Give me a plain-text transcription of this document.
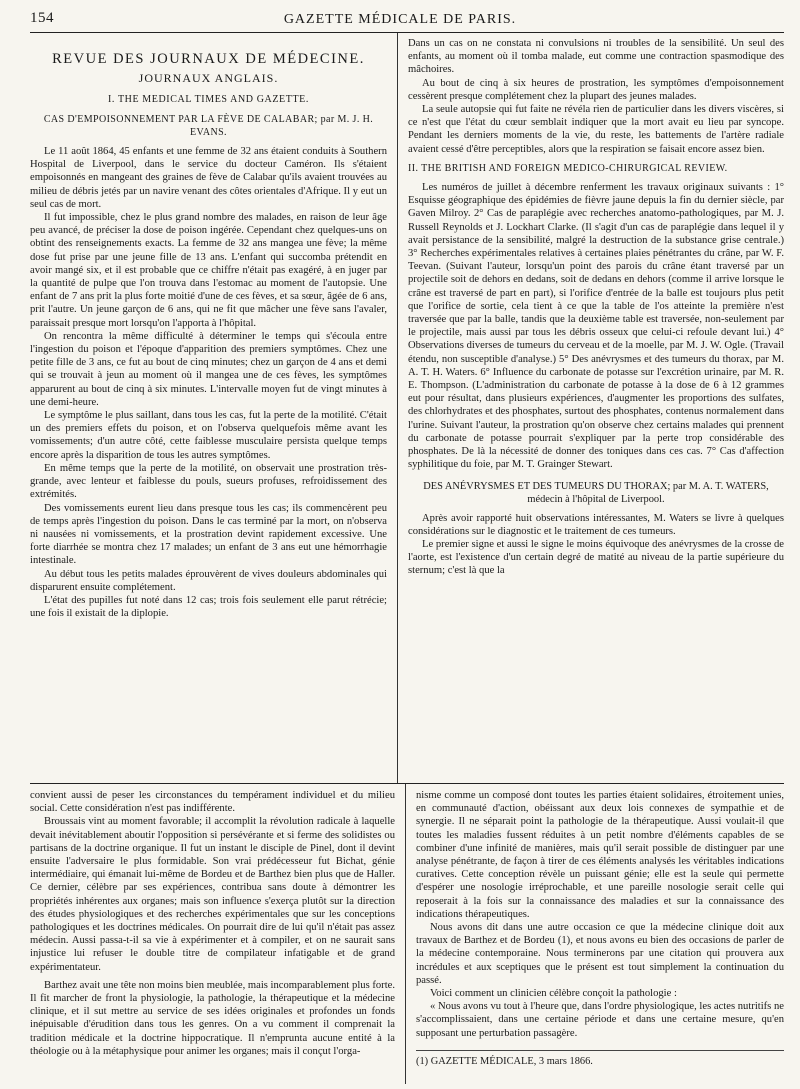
154	GAZETTE MÉDICALE DE PARIS.
REVUE DES JOURNAUX DE MÉDECINE.
JOURNAUX ANGLAIS.
I. THE MEDICAL TIMES AND GAZETTE.
CAS D'EMPOISONNEMENT PAR LA FÈVE DE CALABAR; par M. J. H. EVANS.

Le 11 août 1864, 45 enfants et une femme de 32 ans étaient conduits à Southern Hospital de Liverpool, dans le service du docteur Caméron. Ils s'étaient empoisonnés en mangeant des graines de fève de Calabar qu'ils avaient trouvées au milieu de débris jetés par un navire venant des côtes orientales d'Afrique. Il y eut un seul cas de mort.

Il fut impossible, chez le plus grand nombre des malades, en raison de leur âge peu avancé, de préciser la dose de poison ingérée. Cependant chez quelques-uns on obtint des renseignements exacts. La femme de 32 ans mangea une fève; la même dose fut prise par une jeune fille de 13 ans. L'enfant qui succomba prétendit en avoir mangé six, et il est probable que ce chiffre n'était pas exagéré, à en juger par la quantité de pulpe que l'on trouva dans l'estomac au moment de l'autopsie. Une enfant de 7 ans prit la plus forte moitié d'une de ces fèves, et sa sœur, âgée de 6 ans, prit l'autre. Un jeune garçon de 6 ans, qui ne fit que mâcher une fève sans l'avaler, paraissait presque mort lorsqu'on l'apporta à l'hôpital.

On rencontra la même difficulté à déterminer le temps qui s'écoula entre l'ingestion du poison et l'époque d'apparition des premiers symptômes. Chez une petite fille de 3 ans, ce fut au bout de cinq minutes; chez un garçon de 4 ans et demi qui se trouvait à jeun au moment où il mangea une de ces fèves, les symptômes apparurent au bout de cinq à six minutes. L'intervalle moyen fut de vingt minutes à une demi-heure.

Le symptôme le plus saillant, dans tous les cas, fut la perte de la motilité. C'était un des premiers effets du poison, et on l'observa quelquefois même avant les vomissements; d'un autre côté, cette faiblesse musculaire persista quelque temps encore après la disparition de tous les autres symptômes.

En même temps que la perte de la motilité, on observait une prostration très-grande, avec lenteur et faiblesse du pouls, sueurs profuses, refroidissement des extrémités.

Des vomissements eurent lieu dans presque tous les cas; ils commencèrent peu de temps après l'ingestion du poison. Dans le cas terminé par la mort, on n'observa ni nausées ni vomissements, et la prostration devint rapidement excessive. Une forte diarrhée se montra chez 17 malades; un enfant de 3 ans eut une hémorrhagie intestinale.

Au début tous les petits malades éprouvèrent de vives douleurs abdominales qui disparurent ensuite complétement.

L'état des pupilles fut noté dans 12 cas; trois fois seulement elle parut rétrécie; une fois il existait de la diplopie.

Dans un cas on ne constata ni convulsions ni troubles de la sensibilité. Un seul des enfants, au moment où il tomba malade, eut comme une contraction spasmodique des mâchoires.

Au bout de cinq à six heures de prostration, les symptômes d'empoisonnement cessèrent presque complétement chez la plupart des jeunes malades.

La seule autopsie qui fut faite ne révéla rien de particulier dans les divers viscères, si ce n'est que l'état du cœur semblait indiquer que la mort avait eu lieu par syncope. Pendant les derniers moments de la vie, du reste, les battements de l'artère radiale avaient cessé d'être perceptibles, alors que la respiration se faisait encore assez bien.

II. THE BRITISH AND FOREIGN MEDICO-CHIRURGICAL REVIEW.

Les numéros de juillet à décembre renferment les travaux originaux suivants : 1° Esquisse géographique des épidémies de fièvre jaune depuis la fin du dernier siècle, par Gaven Milroy. 2° Cas de paraplégie avec recherches anatomo-pathologiques, par M. J. Russell Reynolds et J. Lockhart Clarke. (Il s'agit d'un cas de paraplégie dans lequel il y avait persistance de la sensibilité, malgré la destruction de la substance grise centrale.) 3° Recherches expérimentales relatives à certaines plaies pénétrantes du crâne, par W. F. Teevan. (Suivant l'auteur, lorsqu'un point des parois du crâne étant traversé par un projectile soit de dehors en dedans, soit de dedans en dehors (comme il arrive lorsque le crâne est traversé de part en part), si l'orifice d'entrée de la balle est toujours plus petit que l'orifice de sortie, cela tient à ce que la table de l'os atteinte la première n'est traversée que par la balle, tandis que la deuxième table est traversée, non-seulement par le projectile, mais aussi par tous les débris osseux que celui-ci refoule devant lui.) 4° Observations diverses de tumeurs du cerveau et de la moelle, par M. J. W. Ogle. (Travail étendu, non susceptible d'analyse.) 5° Des anévrysmes et des tumeurs du thorax, par M. A. T. H. Waters. 6° Influence du carbonate de potasse sur l'excrétion urinaire, par M. R. E. Thompson. (L'administration du carbonate de potasse à la dose de 6 à 12 grammes eut pour résultat, dans plusieurs expériences, d'augmenter les proportions des sulfates, des chlorhydrates et des phosphates, surtout des phosphates, contenus normalement dans l'urine. Suivant l'auteur, la prostration qu'on observe chez certains malades qui prennent du carbonate de potasse pourrait s'expliquer par la perte trop considérable des phosphates. De là la nécessité de donner des toniques dans ces cas. 7° Cas d'affection syphilitique du foie, par M. T. Grainger Stewart.

DES ANÉVRYSMES ET DES TUMEURS DU THORAX; par M. A. T. WATERS, médecin à l'hôpital de Liverpool.

Après avoir rapporté huit observations intéressantes, M. Waters se livre à quelques considérations sur le diagnostic et le traitement de ces tumeurs.

Le premier signe et aussi le signe le moins équivoque des anévrysmes de la crosse de l'aorte, est l'existence d'un certain degré de matité au niveau de la partie supérieure du sternum; c'est là que la

convient aussi de peser les circonstances du tempérament individuel et du milieu social. Cette considération n'est pas indifférente.

Broussais vint au moment favorable; il accomplit la révolution radicale à laquelle devait inévitablement aboutir l'opposition si persévérante et si ferme des solidistes ou partisans de la doctrine organique. Il fut un instant le disciple de Pinel, dont il devint ensuite l'adversaire le plus formidable. Son vrai prédécesseur fut Bichat, génie intermédiaire, qui émanait lui-même de Bordeu et de Barthez bien plus que de Haller. Ce dernier, célèbre par ses expériences, contribua sans doute à démontrer les propriétés inhérentes aux organes; mais son influence s'exerça plutôt sur la direction des études physiologiques et des recherches expérimentales que sur les conceptions pathologiques et les doctrines médicales. On pourrait dire de lui qu'il n'était pas assez médecin. Aussi passa-t-il sa vie à expérimenter et à compiler, et on ne saurait sans injustice lui refuser le double titre de compilateur infatigable et de grand expérimentateur.

Barthez avait une tête non moins bien meublée, mais incomparablement plus forte. Il fit marcher de front la physiologie, la pathologie, la thérapeutique et la médecine clinique, et il sut mettre au service de ses idées originales et profondes un fonds inépuisable d'érudition dans tous les genres. On a vu comment il comprenait la tradition médicale et la doctrine hippocratique. Il n'emprunta aucune entité à la théologie ou à la métaphysique pour animer les organes; mais il conçut l'orga-

nisme comme un composé dont toutes les parties étaient solidaires, étroitement unies, en communauté d'action, obéissant aux deux lois connexes de sympathie et de synergie. Il ne séparait point la pathologie de la thérapeutique. Aussi voulait-il que toutes les maladies fussent réduites à un petit nombre d'éléments capables de se combiner d'une infinité de manières, mais qu'il serait possible de distinguer par une analyse pénétrante, de façon à tirer de ces éléments analysés les véritables indications curatives. Cette conception révèle un puissant génie; elle est la seule qui permette d'espérer une nosologie irréprochable, et une pareille nosologie serait celle qui reposerait à la fois sur la connaissance des maladies et sur la connaissance des indications thérapeutiques.

Nous avons dit dans une autre occasion ce que la médecine clinique doit aux travaux de Barthez et de Bordeu (1), et nous avons eu bien des occasions de parler de la médecine contemporaine. Nous terminerons par une citation qui prouvera aux incrédules et aux sceptiques que le présent est tout simplement la continuation du passé.

Voici comment un clinicien célèbre conçoit la pathologie :

« Nous avons vu tout à l'heure que, dans l'ordre physiologique, les actes nutritifs ne s'accomplissaient, dans une certaine période et dans une certaine mesure, qu'en supposant une perturbation passagère.

(1) GAZETTE MÉDICALE, 3 mars 1866.
